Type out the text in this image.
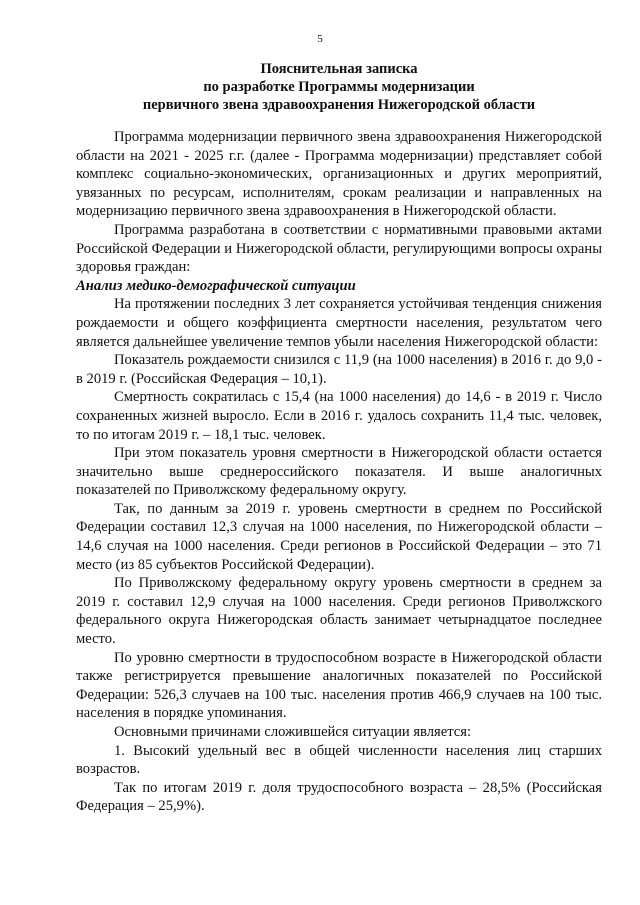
5
Пояснительная записка
по разработке Программы модернизации
первичного звена здравоохранения Нижегородской области

Программа модернизации первичного звена здравоохранения Нижегородской области на 2021 - 2025 г.г. (далее - Программа модернизации) представляет собой комплекс социально-экономических, организационных и других мероприятий, увязанных по ресурсам, исполнителям, срокам реализации и направленных на модернизацию первичного звена здравоохранения в Нижегородской области.

Программа разработана в соответствии с нормативными правовыми актами Российской Федерации и Нижегородской области, регулирующими вопросы охраны здоровья граждан:

Анализ медико-демографической ситуации

На протяжении последних 3 лет сохраняется устойчивая тенденция снижения рождаемости и общего коэффициента смертности населения, результатом чего является дальнейшее увеличение темпов убыли населения Нижегородской области:

Показатель рождаемости снизился с 11,9 (на 1000 населения) в 2016 г. до 9,0 - в 2019 г. (Российская Федерация – 10,1).

Смертность сократилась с 15,4 (на 1000 населения) до 14,6 - в 2019 г. Число сохраненных жизней выросло. Если в 2016 г. удалось сохранить 11,4 тыс. человек, то по итогам 2019 г. – 18,1 тыс. человек.

При этом показатель уровня смертности в Нижегородской области остается значительно выше среднероссийского показателя. И выше аналогичных показателей по Приволжскому федеральному округу.

Так, по данным за 2019 г. уровень смертности в среднем по Российской Федерации составил 12,3 случая на 1000 населения, по Нижегородской области – 14,6 случая на 1000 населения. Среди регионов в Российской Федерации – это 71 место (из 85 субъектов Российской Федерации).

По Приволжскому федеральному округу уровень смертности в среднем за 2019 г. составил 12,9 случая на 1000 населения. Среди регионов Приволжского федерального округа Нижегородская область занимает четырнадцатое последнее место.

По уровню смертности в трудоспособном возрасте в Нижегородской области также регистрируется превышение аналогичных показателей по Российской Федерации: 526,3 случаев на 100 тыс. населения против 466,9 случаев на 100 тыс. населения в порядке упоминания.

Основными причинами сложившейся ситуации является:

1. Высокий удельный вес в общей численности населения лиц старших возрастов.

Так по итогам 2019 г. доля трудоспособного возраста – 28,5% (Российская Федерация – 25,9%).
